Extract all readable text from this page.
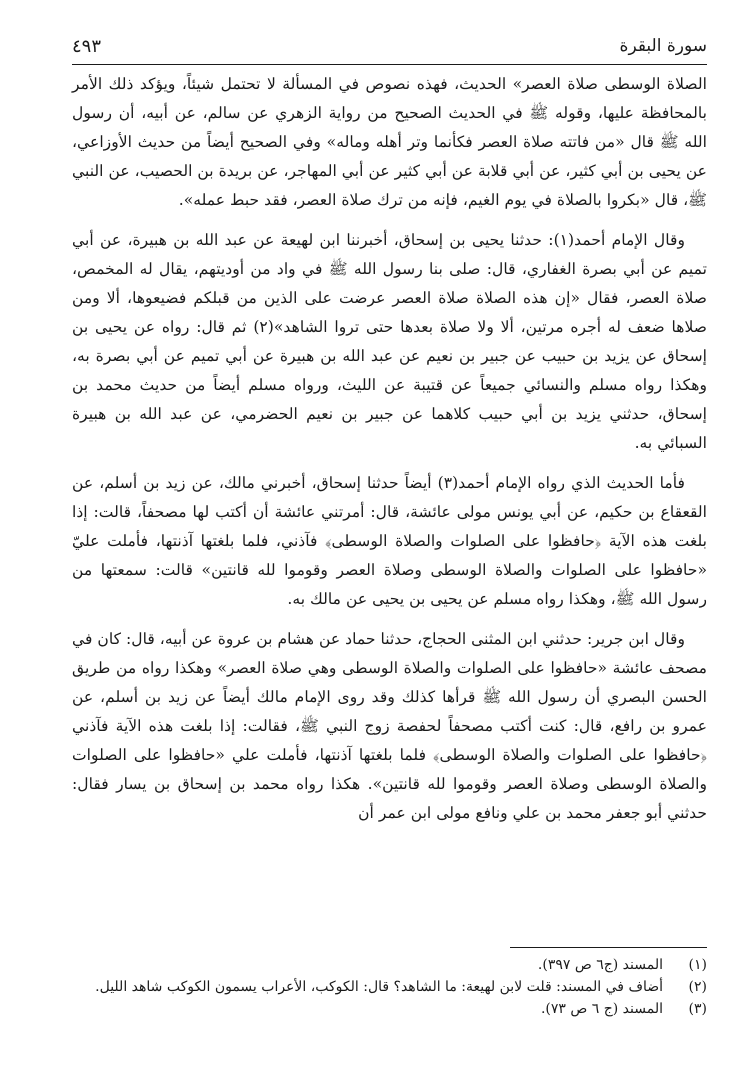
سورة البقرة
٤٩٣

الصلاة الوسطى صلاة العصر» الحديث، فهذه نصوص في المسألة لا تحتمل شيئاً، ويؤكد ذلك الأمر بالمحافظة عليها، وقوله ﷺ في الحديث الصحيح من رواية الزهري عن سالم، عن أبيه، أن رسول الله ﷺ قال «من فاتته صلاة العصر فكأنما وتر أهله وماله» وفي الصحيح أيضاً من حديث الأوزاعي، عن يحيى بن أبي كثير، عن أبي قلابة عن أبي كثير عن أبي المهاجر، عن بريدة بن الحصيب، عن النبي ﷺ، قال «بكروا بالصلاة في يوم الغيم، فإنه من ترك صلاة العصر، فقد حبط عمله».

وقال الإمام أحمد(١): حدثنا يحيى بن إسحاق، أخبرننا ابن لهيعة عن عبد الله بن هبيرة، عن أبي تميم عن أبي بصرة الغفاري، قال: صلى بنا رسول الله ﷺ في واد من أوديتهم، يقال له المخمص، صلاة العصر، فقال «إن هذه الصلاة صلاة العصر عرضت على الذين من قبلكم فضيعوها، ألا ومن صلاها ضعف له أجره مرتين، ألا ولا صلاة بعدها حتى تروا الشاهد»(٢) ثم قال: رواه عن يحيى بن إسحاق عن يزيد بن حبيب عن جبير بن نعيم عن عبد الله بن هبيرة عن أبي تميم عن أبي بصرة به، وهكذا رواه مسلم والنسائي جميعاً عن قتيبة عن الليث، ورواه مسلم أيضاً من حديث محمد بن إسحاق، حدثني يزيد بن أبي حبيب كلاهما عن جبير بن نعيم الحضرمي، عن عبد الله بن هبيرة السبائي به.

فأما الحديث الذي رواه الإمام أحمد(٣) أيضاً حدثنا إسحاق، أخبرني مالك، عن زيد بن أسلم، عن القعقاع بن حكيم، عن أبي يونس مولى عائشة، قال: أمرتني عائشة أن أكتب لها مصحفاً، قالت: إذا بلغت هذه الآية ﴿حافظوا على الصلوات والصلاة الوسطى﴾ فآذني، فلما بلغتها آذنتها، فأملت عليّ «حافظوا على الصلوات والصلاة الوسطى وصلاة العصر وقوموا لله قانتين» قالت: سمعتها من رسول الله ﷺ، وهكذا رواه مسلم عن يحيى بن يحيى عن مالك به.

وقال ابن جرير: حدثني ابن المثنى الحجاج، حدثنا حماد عن هشام بن عروة عن أبيه، قال: كان في مصحف عائشة «حافظوا على الصلوات والصلاة الوسطى وهي صلاة العصر» وهكذا رواه من طريق الحسن البصري أن رسول الله ﷺ قرأها كذلك وقد روى الإمام مالك أيضاً عن زيد بن أسلم، عن عمرو بن رافع، قال: كنت أكتب مصحفاً لحفصة زوج النبي ﷺ، فقالت: إذا بلغت هذه الآية فآذني ﴿حافظوا على الصلوات والصلاة الوسطى﴾ فلما بلغتها آذنتها، فأملت علي «حافظوا على الصلوات والصلاة الوسطى وصلاة العصر وقوموا لله قانتين». هكذا رواه محمد بن إسحاق بن يسار فقال: حدثني أبو جعفر محمد بن علي ونافع مولى ابن عمر أن

(١)
المسند (ج٦ ص ٣٩٧).
(٢)
أضاف في المسند: قلت لابن لهيعة: ما الشاهد؟ قال: الكوكب، الأعراب يسمون الكوكب شاهد الليل.
(٣)
المسند (ج ٦ ص ٧٣).
